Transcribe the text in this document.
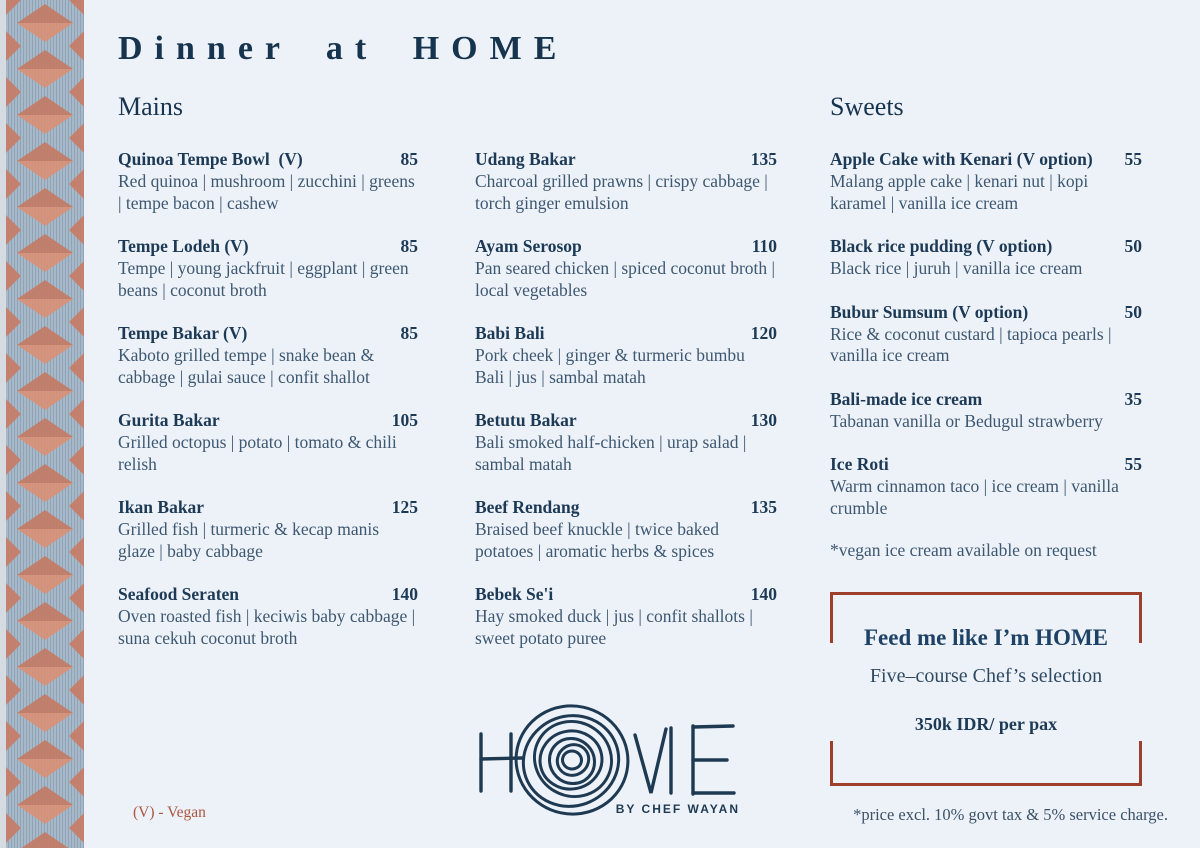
Dinner at HOME
Mains
Quinoa Tempe Bowl  (V)	85
Red quinoa | mushroom | zucchini | greens | tempe bacon | cashew
Tempe Lodeh (V)	85
Tempe | young jackfruit | eggplant | green beans | coconut broth
Tempe Bakar (V)	85
Kaboto grilled tempe | snake bean & cabbage | gulai sauce | confit shallot
Gurita Bakar	105
Grilled octopus | potato | tomato & chili relish
Ikan Bakar	125
Grilled fish | turmeric & kecap manis glaze | baby cabbage
Seafood Seraten	140
Oven roasted fish | keciwis baby cabbage | suna cekuh coconut broth
Udang Bakar	135
Charcoal grilled prawns | crispy cabbage | torch ginger emulsion
Ayam Serosop	110
Pan seared chicken | spiced coconut broth | local vegetables
Babi Bali	120
Pork cheek | ginger & turmeric bumbu Bali | jus | sambal matah
Betutu Bakar	130
Bali smoked half-chicken | urap salad | sambal matah
Beef Rendang	135
Braised beef knuckle | twice baked potatoes | aromatic herbs & spices
Bebek Se'i	140
Hay smoked duck | jus | confit shallots | sweet potato puree
Sweets
Apple Cake with Kenari (V option) 55
Malang apple cake | kenari nut | kopi karamel | vanilla ice cream
Black rice pudding (V option)	50
Black rice | juruh | vanilla ice cream
Bubur Sumsum (V option)	50
Rice & coconut custard | tapioca pearls | vanilla ice cream
Bali-made ice cream	35
Tabanan vanilla or Bedugul strawberry
Ice Roti	55
Warm cinnamon taco | ice cream | vanilla crumble
*vegan ice cream available on request
Feed me like I’m HOME
Five–course Chef’s selection
350k IDR/ per pax
BY CHEF WAYAN
(V) - Vegan	*price excl. 10% govt tax & 5% service charge.
